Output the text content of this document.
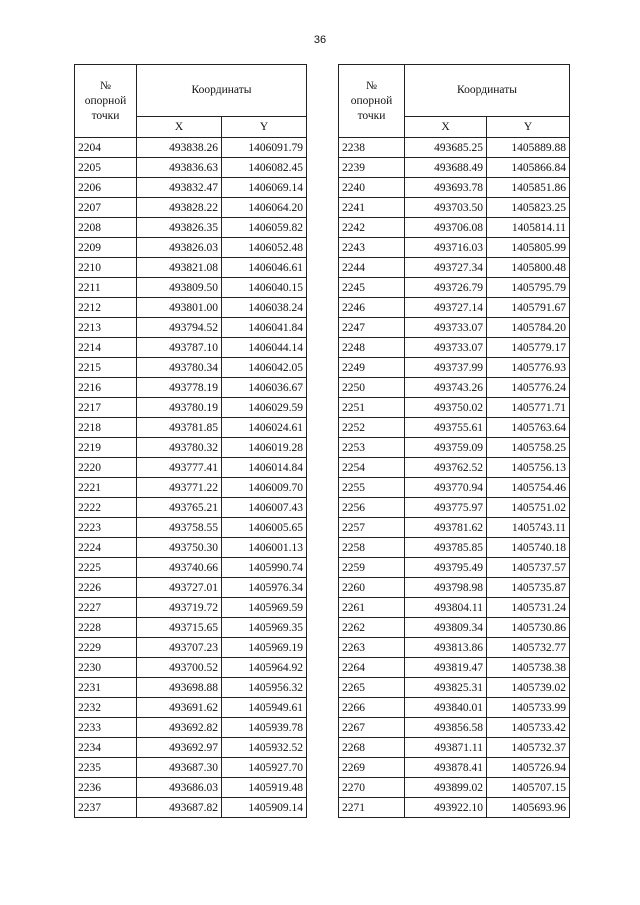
36
№
опорной
точки	Координаты	
	X	Y
2204	493838.26	1406091.79
2205	493836.63	1406082.45
2206	493832.47	1406069.14
2207	493828.22	1406064.20
2208	493826.35	1406059.82
2209	493826.03	1406052.48
2210	493821.08	1406046.61
2211	493809.50	1406040.15
2212	493801.00	1406038.24
2213	493794.52	1406041.84
2214	493787.10	1406044.14
2215	493780.34	1406042.05
2216	493778.19	1406036.67
2217	493780.19	1406029.59
2218	493781.85	1406024.61
2219	493780.32	1406019.28
2220	493777.41	1406014.84
2221	493771.22	1406009.70
2222	493765.21	1406007.43
2223	493758.55	1406005.65
2224	493750.30	1406001.13
2225	493740.66	1405990.74
2226	493727.01	1405976.34
2227	493719.72	1405969.59
2228	493715.65	1405969.35
2229	493707.23	1405969.19
2230	493700.52	1405964.92
2231	493698.88	1405956.32
2232	493691.62	1405949.61
2233	493692.82	1405939.78
2234	493692.97	1405932.52
2235	493687.30	1405927.70
2236	493686.03	1405919.48
2237	493687.82	1405909.14
№
опорной
точки	Координаты	
	X	Y
2238	493685.25	1405889.88
2239	493688.49	1405866.84
2240	493693.78	1405851.86
2241	493703.50	1405823.25
2242	493706.08	1405814.11
2243	493716.03	1405805.99
2244	493727.34	1405800.48
2245	493726.79	1405795.79
2246	493727.14	1405791.67
2247	493733.07	1405784.20
2248	493733.07	1405779.17
2249	493737.99	1405776.93
2250	493743.26	1405776.24
2251	493750.02	1405771.71
2252	493755.61	1405763.64
2253	493759.09	1405758.25
2254	493762.52	1405756.13
2255	493770.94	1405754.46
2256	493775.97	1405751.02
2257	493781.62	1405743.11
2258	493785.85	1405740.18
2259	493795.49	1405737.57
2260	493798.98	1405735.87
2261	493804.11	1405731.24
2262	493809.34	1405730.86
2263	493813.86	1405732.77
2264	493819.47	1405738.38
2265	493825.31	1405739.02
2266	493840.01	1405733.99
2267	493856.58	1405733.42
2268	493871.11	1405732.37
2269	493878.41	1405726.94
2270	493899.02	1405707.15
2271	493922.10	1405693.96
